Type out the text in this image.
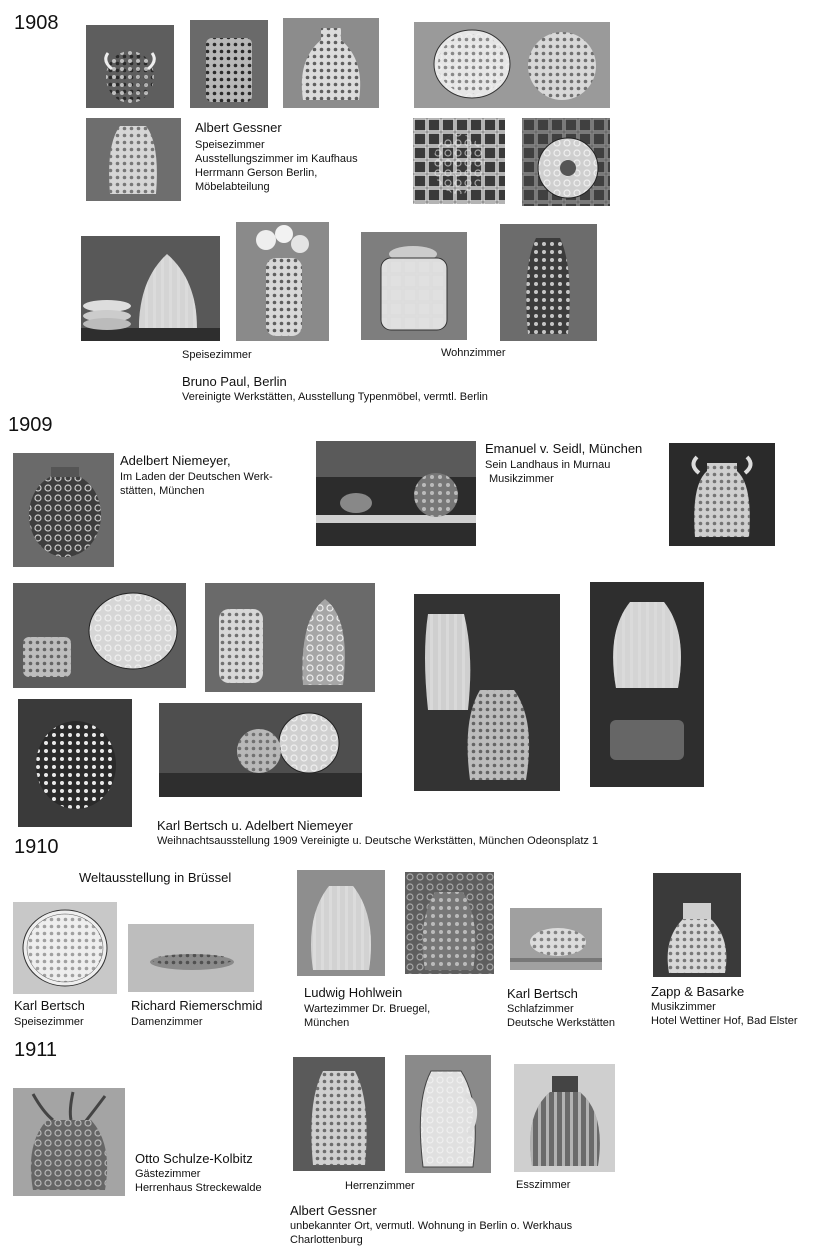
1908
Albert Gessner
Speisezimmer
Ausstellungszimmer im Kaufhaus
Herrmann Gerson Berlin,
Möbelabteilung
Speisezimmer	Wohnzimmer
Bruno Paul, Berlin
Vereinigte Werkstätten, Ausstellung Typenmöbel, vermtl. Berlin
1909
Adelbert Niemeyer,
Im Laden der Deutschen Werk-
stätten, München
Emanuel v. Seidl, München
Sein Landhaus in Murnau
Musikzimmer
Karl Bertsch u. Adelbert Niemeyer
Weihnachtsausstellung 1909 Vereinigte u. Deutsche Werkstätten, München Odeonsplatz 1
1910
Weltausstellung in Brüssel
Karl Bertsch
Speisezimmer
Richard Riemerschmid
Damenzimmer
Ludwig Hohlwein
Wartezimmer Dr. Bruegel,
München
Karl Bertsch
Schlafzimmer
Deutsche Werkstätten
Zapp & Basarke
Musikzimmer
Hotel Wettiner Hof, Bad Elster
1911
Otto Schulze-Kolbitz
Gästezimmer
Herrenhaus Streckewalde	Herrenzimmer	Esszimmer
Albert Gessner
unbekannter Ort, vermutl. Wohnung in Berlin o. Werkhaus
Charlottenburg
